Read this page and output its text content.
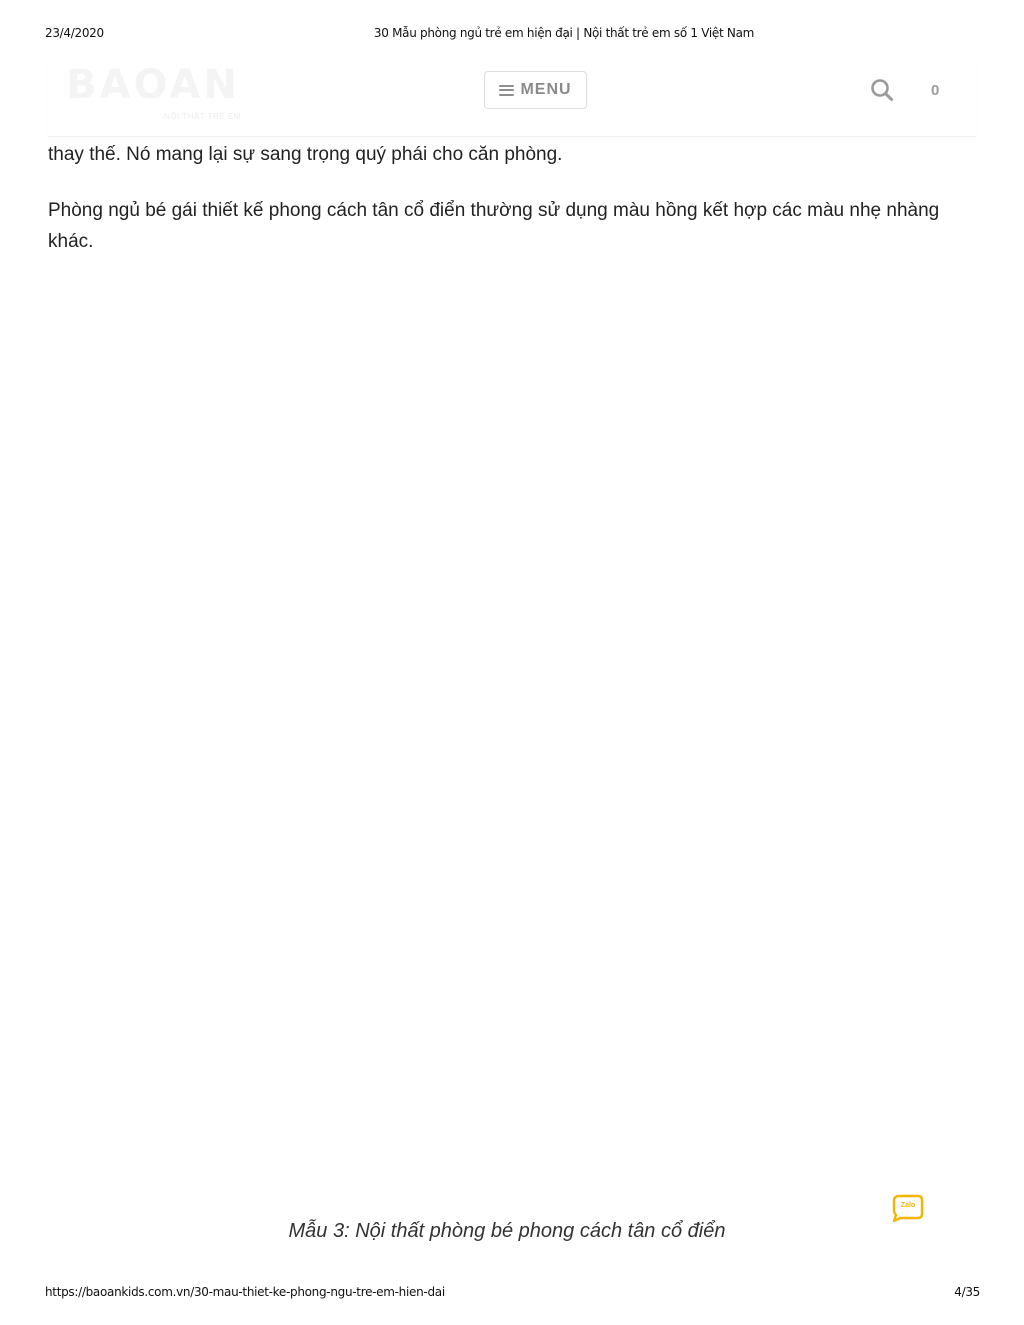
23/4/2020	30 Mẫu phòng ngủ trẻ em hiện đại | Nội thất trẻ em số 1 Việt Nam
BAOAN
NỘI THẤT TRẺ EM
MENU	0

thay thế. Nó mang lại sự sang trọng quý phái cho căn phòng.

Phòng ngủ bé gái thiết kế phong cách tân cổ điển thường sử dụng màu hồng kết hợp các màu nhẹ nhàng khác.

Mẫu 3: Nội thất phòng bé phong cách tân cổ điển
Zalo
https://baoankids.com.vn/30-mau-thiet-ke-phong-ngu-tre-em-hien-dai	4/35
